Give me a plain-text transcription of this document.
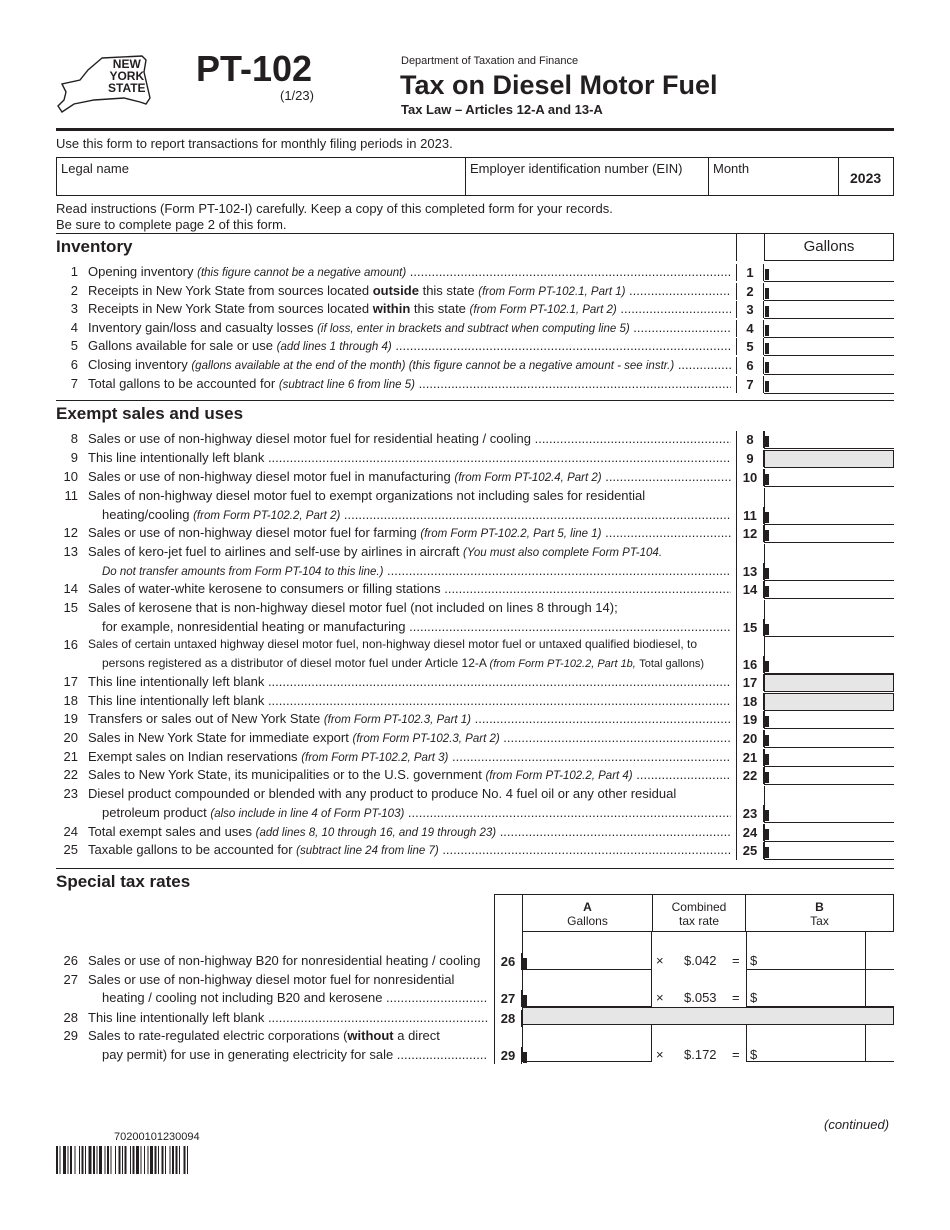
NEW
YORK
STATE PT-102
(1/23)
Department of Taxation and Finance
Tax on Diesel Motor Fuel
Tax Law – Articles 12-A and 13-A
Use this form to report transactions for monthly filing periods in 2023.
Legal name	Employer identification number (EIN) Month
2023
Read instructions (Form PT-102-I) carefully. Keep a copy of this completed form for your records.
Be sure to complete page 2 of this form.
Inventory	Gallons
1 Opening inventory (this figure cannot be a negative amount) .....	1
2 Receipts in New York State from sources located outside this state (from Form PT-102.1, Part 1) .....	2
3 Receipts in New York State from sources located within this state (from Form PT-102.1, Part 2) .....	3
4 Inventory gain/loss and casualty losses (if loss, enter in brackets and subtract when computing line 5) .....	4
5 Gallons available for sale or use (add lines 1 through 4) .....	5
6 Closing inventory (gallons available at the end of the month) (this figure cannot be a negative amount - see instr.) .....	6
7 Total gallons to be accounted for (subtract line 6 from line 5) .....	7
Exempt sales and uses
8 Sales or use of non-highway diesel motor fuel for residential heating / cooling .....	8
9 This line intentionally left blank .....	9
10 Sales or use of non-highway diesel motor fuel in manufacturing (from Form PT-102.4, Part 2) .....	10
11 Sales of non-highway diesel motor fuel to exempt organizations not including sales for residential
heating/cooling (from Form PT-102.2, Part 2) .....	11
12 Sales or use of non-highway diesel motor fuel for farming (from Form PT-102.2, Part 5, line 1) .....	12
13 Sales of kero-jet fuel to airlines and self-use by airlines in aircraft (You must also complete Form PT-104.
Do not transfer amounts from Form PT-104 to this line.) .....	13
14 Sales of water-white kerosene to consumers or filling stations .....	14
15 Sales of kerosene that is non-highway diesel motor fuel (not included on lines 8 through 14);
for example, nonresidential heating or manufacturing .....	15
16 Sales of certain untaxed highway diesel motor fuel, non-highway diesel motor fuel or untaxed qualified biodiesel, to
persons registered as a distributor of diesel motor fuel under Article 12-A (from Form PT-102.2, Part 1b, Total gallons)	16
17 This line intentionally left blank .....	17
18 This line intentionally left blank .....	18
19 Transfers or sales out of New York State (from Form PT-102.3, Part 1) .....	19
20 Sales in New York State for immediate export (from Form PT-102.3, Part 2) .....	20
21 Exempt sales on Indian reservations (from Form PT-102.2, Part 3) .....	21
22 Sales to New York State, its municipalities or to the U.S. government (from Form PT-102.2, Part 4) .....	22
23 Diesel product compounded or blended with any product to produce No. 4 fuel oil or any other residual
petroleum product (also include in line 4 of Form PT-103) .....	23
24 Total exempt sales and uses (add lines 8, 10 through 16, and 19 through 23) .....	24
25 Taxable gallons to be accounted for (subtract line 24 from line 7) .....	25
Special tax rates
A
Gallons
Combined
tax rate
B
Tax
26 Sales or use of non-highway B20 for nonresidential heating / cooling	26	× $.042 = $
27 Sales or use of non-highway diesel motor fuel for nonresidential
heating / cooling not including B20 and kerosene .....	27	× $.053 = $
28 This line intentionally left blank .....	28
29 Sales to rate-regulated electric corporations (without a direct
pay permit) for use in generating electricity for sale .....	29	× $.172 = $
(continued)
70200101230094
